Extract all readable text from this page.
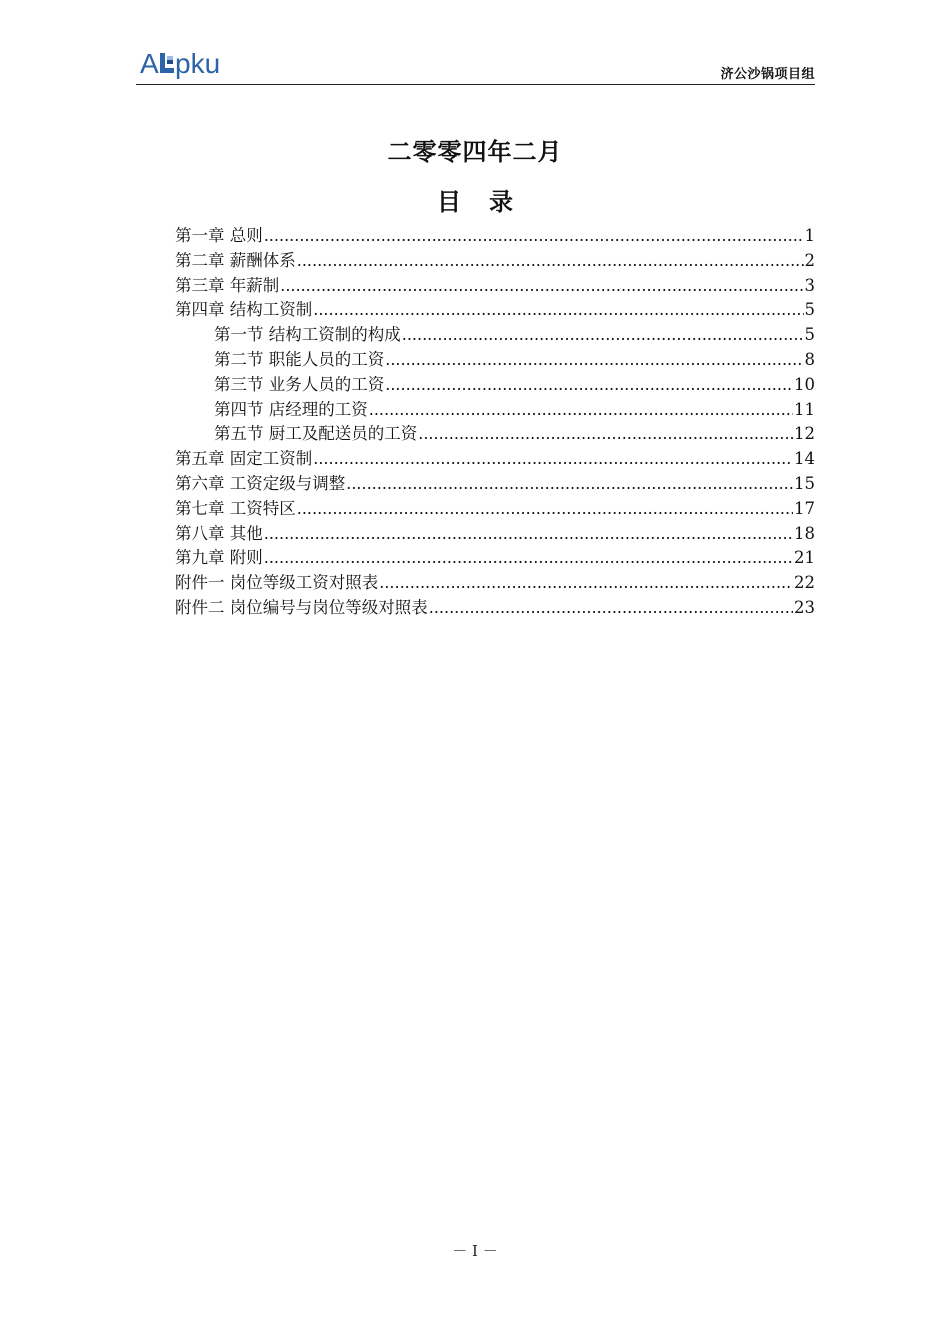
A pku	济公沙锅项目组
二零零四年二月
目录
第一章 总则 .....	1
第二章 薪酬体系 .....	2
第三章 年薪制 .....	3
第四章 结构工资制 .....	5
第一节 结构工资制的构成 .....	5
第二节 职能人员的工资 .....	8
第三节 业务人员的工资 .....	10
第四节 店经理的工资 .....	11
第五节 厨工及配送员的工资 .....	12
第五章 固定工资制 .....	14
第六章 工资定级与调整 .....	15
第七章 工资特区 .....	17
第八章 其他 .....	18
第九章 附则 .....	21
附件一 岗位等级工资对照表 .....	22
附件二 岗位编号与岗位等级对照表 .....	23
－ I －
